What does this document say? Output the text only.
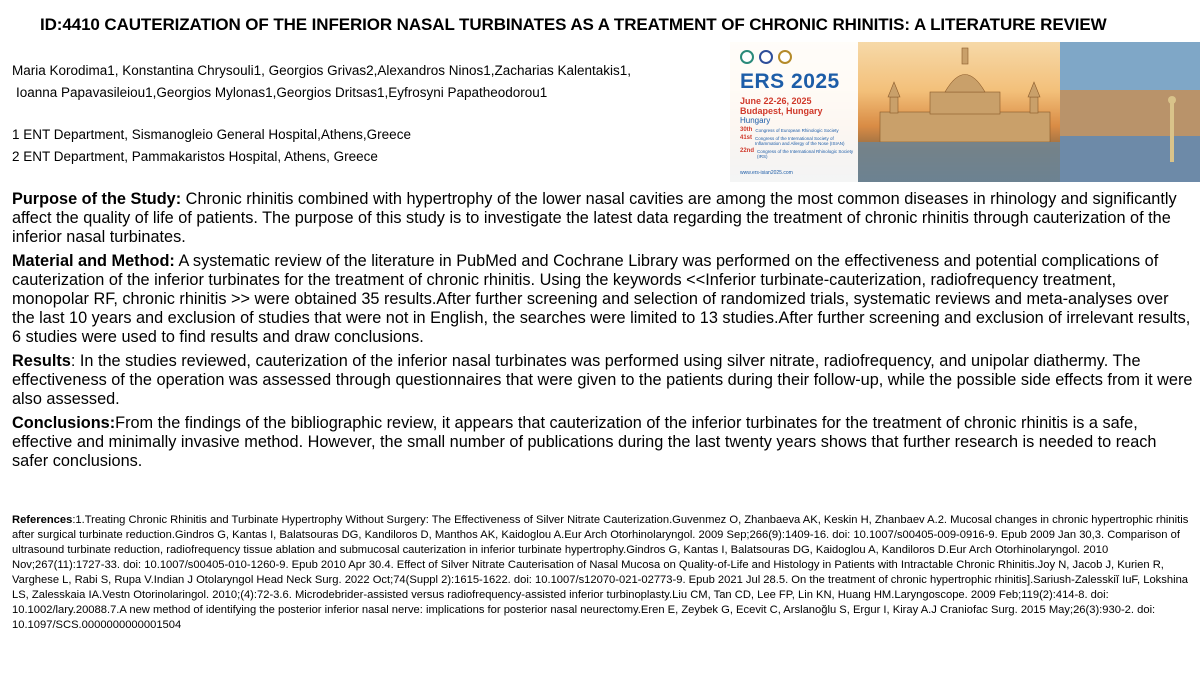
ID:4410 CAUTERIZATION OF THE INFERIOR NASAL TURBINATES AS A TREATMENT OF CHRONIC RHINITIS: A LITERATURE REVIEW
Maria Korodima1, Konstantina Chrysouli1, Georgios Grivas2,Alexandros Ninos1,Zacharias Kalentakis1,
Ioanna Papavasileiou1,Georgios Mylonas1,Georgios Dritsas1,Eyfrosyni Papatheodorou1
1 ENT Department, Sismanogleio General Hospital,Athens,Greece
2 ENT Department, Pammakaristos Hospital, Athens, Greece
ERS 2025
June 22-26, 2025
Budapest, Hungary
Hungary
30th Congress of European Rhinologic Society
41st Congress of the International Society of Inflammation and Allergy of the Nose (ISIAN)
22nd Congress of the International Rhinologic Society (IRS)
www.ers-isian2025.com

Purpose of the Study: Chronic rhinitis combined with hypertrophy of the lower nasal cavities are among the most common diseases in rhinology and significantly affect the quality of life of patients. The purpose of this study is to investigate the latest data regarding the treatment of chronic rhinitis through cauterization of the inferior nasal turbinates.

Material and Method: A systematic review of the literature in PubMed and Cochrane Library was performed on the effectiveness and potential complications of cauterization of the inferior turbinates for the treatment of chronic rhinitis. Using the keywords <<Inferior turbinate-cauterization, radiofrequency treatment, monopolar RF, chronic rhinitis >> were obtained 35 results.After further screening and selection of randomized trials, systematic reviews and meta-analyses over the last 10 years and exclusion of studies that were not in English, the searches were limited to 13 studies.After further screening and exclusion of irrelevant results, 6 studies were used to find results and draw conclusions.

Results: In the studies reviewed, cauterization of the inferior nasal turbinates was performed using silver nitrate, radiofrequency, and unipolar diathermy. The effectiveness of the operation was assessed through questionnaires that were given to the patients during their follow-up, while the possible side effects from it were also assessed.

Conclusions:From the findings of the bibliographic review, it appears that cauterization of the inferior turbinates for the treatment of chronic rhinitis is a safe, effective and minimally invasive method. However, the small number of publications during the last twenty years shows that further research is needed to reach safer conclusions.

References:1.Treating Chronic Rhinitis and Turbinate Hypertrophy Without Surgery: The Effectiveness of Silver Nitrate Cauterization.Guvenmez O, Zhanbaeva AK, Keskin H, Zhanbaev A.2. Mucosal changes in chronic hypertrophic rhinitis after surgical turbinate reduction.Gindros G, Kantas I, Balatsouras DG, Kandiloros D, Manthos AK, Kaidoglou A.Eur Arch Otorhinolaryngol. 2009 Sep;266(9):1409-16. doi: 10.1007/s00405-009-0916-9. Epub 2009 Jan 30,3. Comparison of ultrasound turbinate reduction, radiofrequency tissue ablation and submucosal cauterization in inferior turbinate hypertrophy.Gindros G, Kantas I, Balatsouras DG, Kaidoglou A, Kandiloros D.Eur Arch Otorhinolaryngol. 2010 Nov;267(11):1727-33. doi: 10.1007/s00405-010-1260-9. Epub 2010 Apr 30.4. Effect of Silver Nitrate Cauterisation of Nasal Mucosa on Quality-of-Life and Histology in Patients with Intractable Chronic Rhinitis.Joy N, Jacob J, Kurien R, Varghese L, Rabi S, Rupa V.Indian J Otolaryngol Head Neck Surg. 2022 Oct;74(Suppl 2):1615-1622. doi: 10.1007/s12070-021-02773-9. Epub 2021 Jul 28.5. On the treatment of chronic hypertrophic rhinitis].Sariush-Zalesskiĭ IuF, Lokshina LS, Zalesskaia IA.Vestn Otorinolaringol. 2010;(4):72-3.6. Microdebrider-assisted versus radiofrequency-assisted inferior turbinoplasty.Liu CM, Tan CD, Lee FP, Lin KN, Huang HM.Laryngoscope. 2009 Feb;119(2):414-8. doi: 10.1002/lary.20088.7.A new method of identifying the posterior inferior nasal nerve: implications for posterior nasal neurectomy.Eren E, Zeybek G, Ecevit C, Arslanoğlu S, Ergur I, Kiray A.J Craniofac Surg. 2015 May;26(3):930-2. doi: 10.1097/SCS.0000000000001504
